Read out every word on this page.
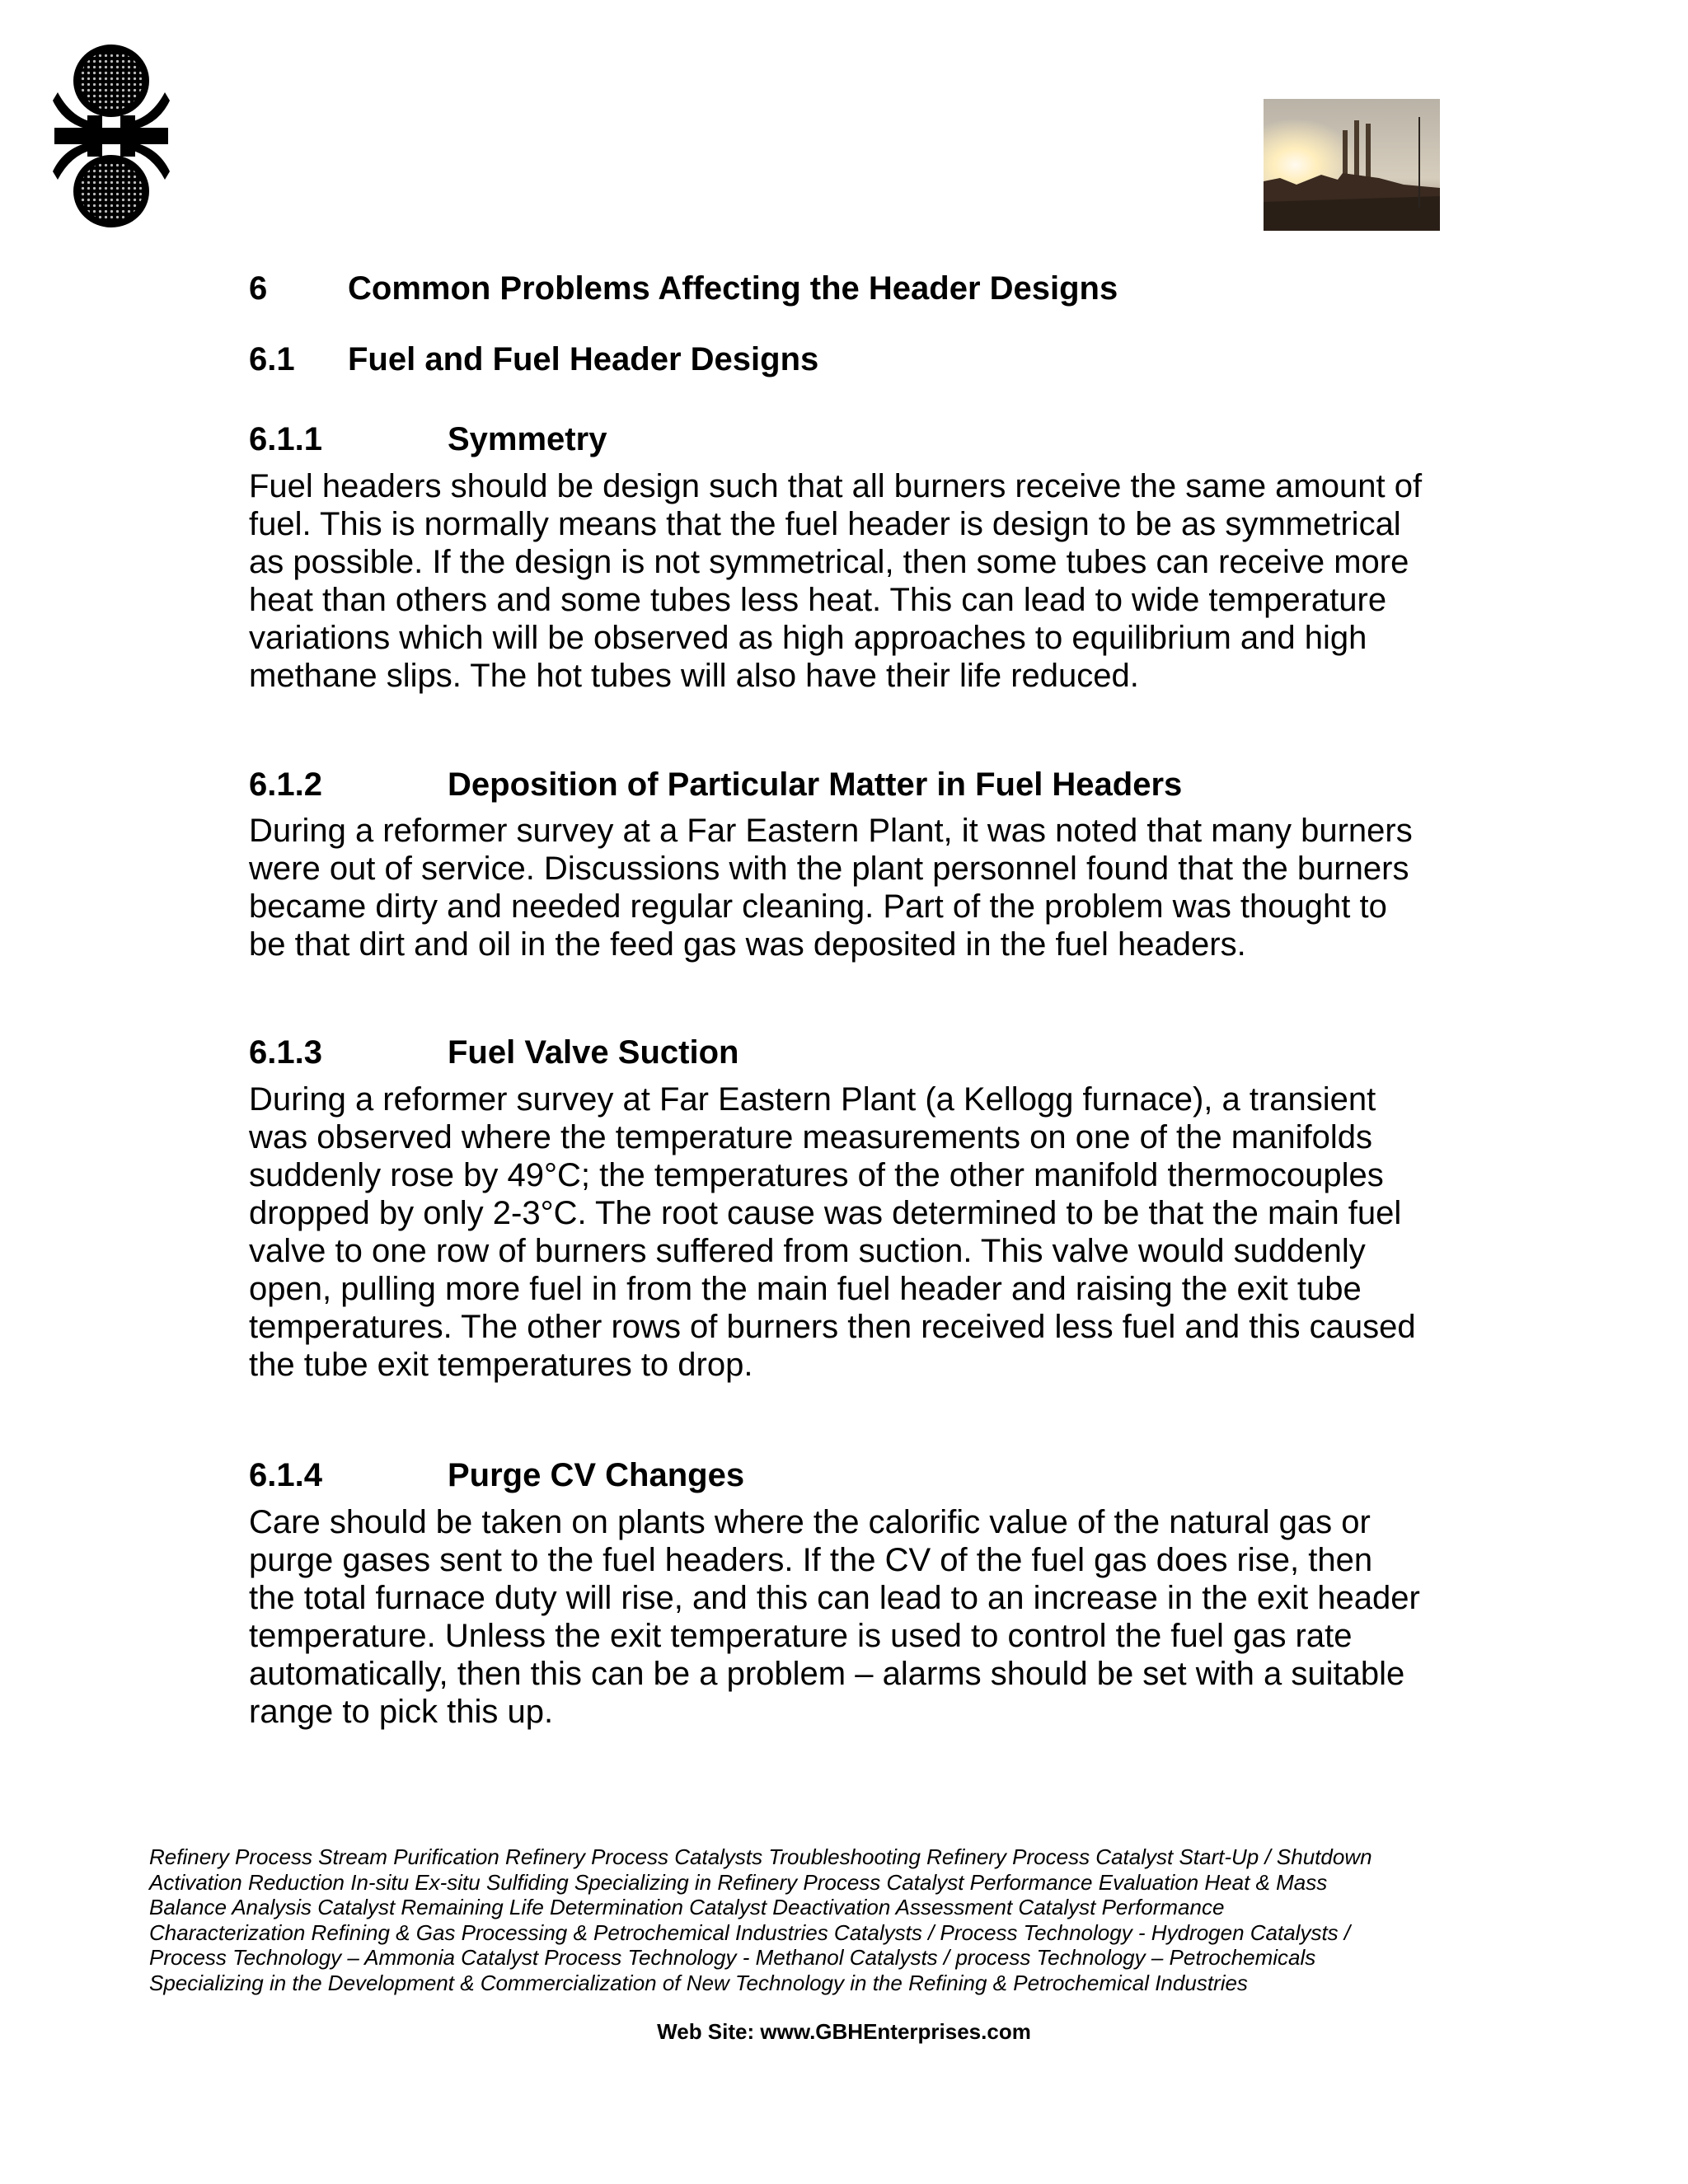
6 Common Problems Affecting the Header Designs
6.1 Fuel and Fuel Header Designs
6.1.1	Symmetry

Fuel headers should be design such that all burners receive the same amount of
fuel. This is normally means that the fuel header is design to be as symmetrical
as possible. If the design is not symmetrical, then some tubes can receive more
heat than others and some tubes less heat. This can lead to wide temperature
variations which will be observed as high approaches to equilibrium and high
methane slips. The hot tubes will also have their life reduced.

6.1.2	Deposition of Particular Matter in Fuel Headers

During a reformer survey at a Far Eastern Plant, it was noted that many burners
were out of service. Discussions with the plant personnel found that the burners
became dirty and needed regular cleaning. Part of the problem was thought to
be that dirt and oil in the feed gas was deposited in the fuel headers.

6.1.3	Fuel Valve Suction

During a reformer survey at Far Eastern Plant (a Kellogg furnace), a transient
was observed where the temperature measurements on one of the manifolds
suddenly rose by 49°C; the temperatures of the other manifold thermocouples
dropped by only 2-3°C. The root cause was determined to be that the main fuel
valve to one row of burners suffered from suction. This valve would suddenly
open, pulling more fuel in from the main fuel header and raising the exit tube
temperatures. The other rows of burners then received less fuel and this caused
the tube exit temperatures to drop.

6.1.4	Purge CV Changes

Care should be taken on plants where the calorific value of the natural gas or
purge gases sent to the fuel headers. If the CV of the fuel gas does rise, then
the total furnace duty will rise, and this can lead to an increase in the exit header
temperature. Unless the exit temperature is used to control the fuel gas rate
automatically, then this can be a problem – alarms should be set with a suitable
range to pick this up.

Refinery Process Stream Purification Refinery Process Catalysts Troubleshooting Refinery Process Catalyst Start-Up / Shutdown
Activation Reduction In-situ Ex-situ Sulfiding Specializing in Refinery Process Catalyst Performance Evaluation Heat & Mass
Balance Analysis Catalyst Remaining Life Determination Catalyst Deactivation Assessment Catalyst Performance
Characterization Refining & Gas Processing & Petrochemical Industries Catalysts / Process Technology - Hydrogen Catalysts /
Process Technology – Ammonia Catalyst Process Technology - Methanol Catalysts / process Technology – Petrochemicals
Specializing in the Development & Commercialization of New Technology in the Refining & Petrochemical Industries
Web Site: www.GBHEnterprises.com
